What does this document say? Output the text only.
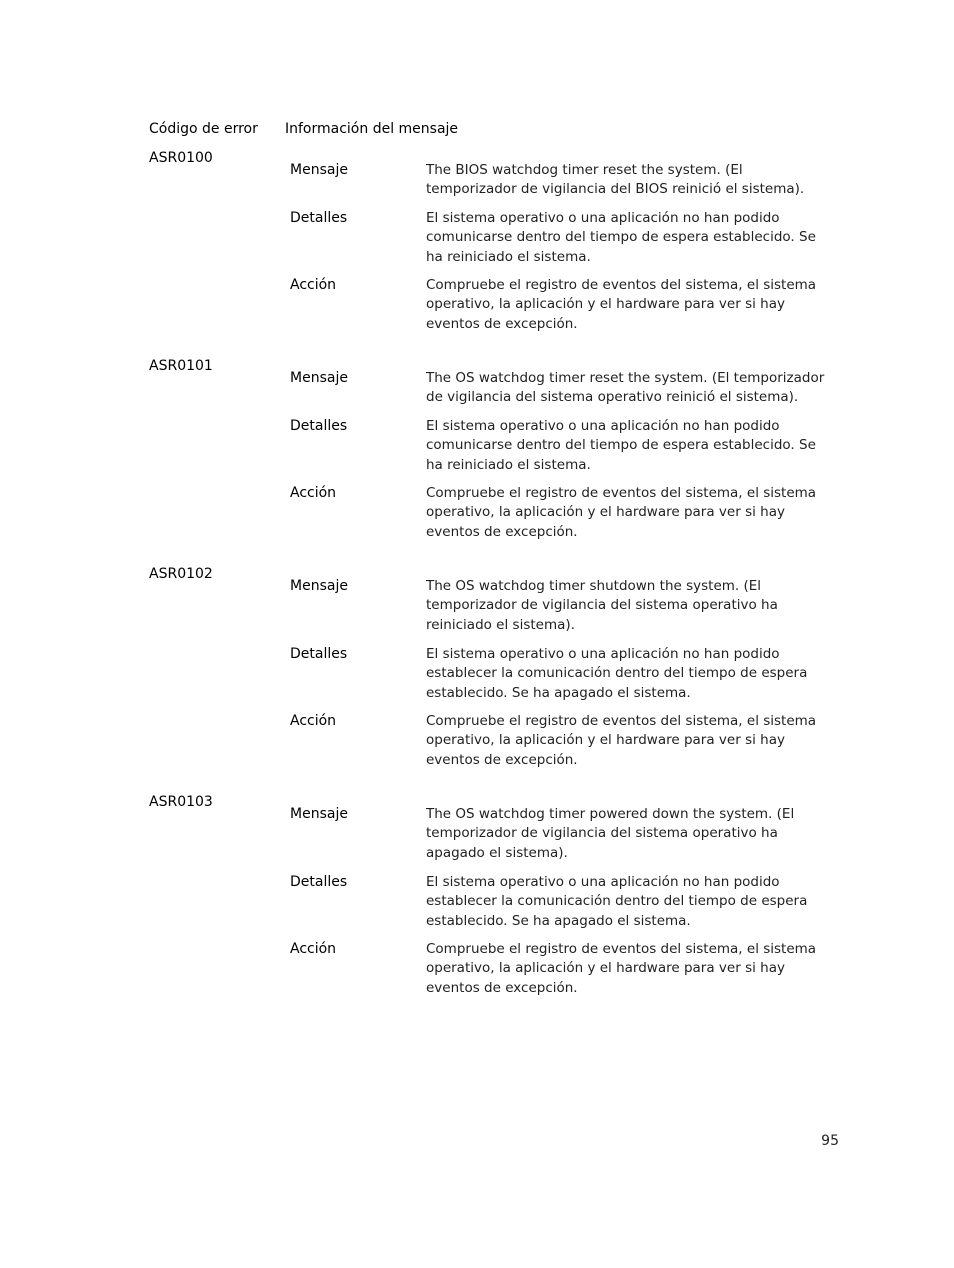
Código de error Información del mensaje
ASR0100
Mensaje	The BIOS watchdog timer reset the system. (El temporizador de vigilancia del BIOS reinició el sistema).
Detalles	El sistema operativo o una aplicación no han podido comunicarse dentro del tiempo de espera establecido. Se ha reiniciado el sistema.
Acción	Compruebe el registro de eventos del sistema, el sistema operativo, la aplicación y el hardware para ver si hay eventos de excepción.
ASR0101
Mensaje	The OS watchdog timer reset the system. (El temporizador de vigilancia del sistema operativo reinició el sistema).
Detalles	El sistema operativo o una aplicación no han podido comunicarse dentro del tiempo de espera establecido. Se ha reiniciado el sistema.
Acción	Compruebe el registro de eventos del sistema, el sistema operativo, la aplicación y el hardware para ver si hay eventos de excepción.
ASR0102
Mensaje	The OS watchdog timer shutdown the system. (El temporizador de vigilancia del sistema operativo ha reiniciado el sistema).
Detalles	El sistema operativo o una aplicación no han podido establecer la comunicación dentro del tiempo de espera establecido. Se ha apagado el sistema.
Acción	Compruebe el registro de eventos del sistema, el sistema operativo, la aplicación y el hardware para ver si hay eventos de excepción.
ASR0103
Mensaje	The OS watchdog timer powered down the system. (El temporizador de vigilancia del sistema operativo ha apagado el sistema).
Detalles	El sistema operativo o una aplicación no han podido establecer la comunicación dentro del tiempo de espera establecido. Se ha apagado el sistema.
Acción	Compruebe el registro de eventos del sistema, el sistema operativo, la aplicación y el hardware para ver si hay eventos de excepción.
95
